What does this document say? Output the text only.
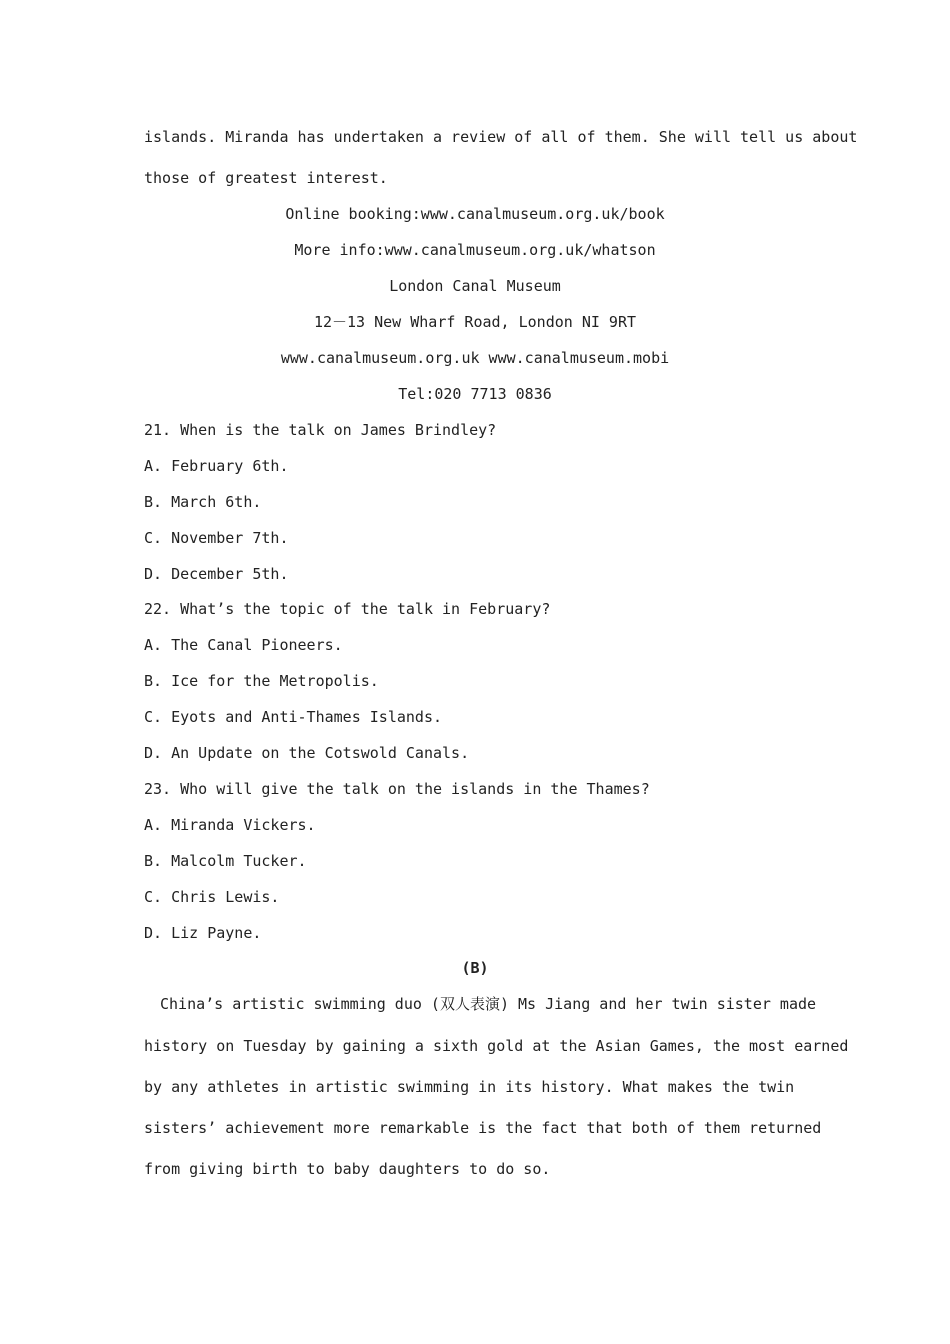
islands. Miranda has undertaken a review of all of them. She will tell us about
those of greatest interest.
Online booking:www.canalmuseum.org.uk/book
More info:www.canalmuseum.org.uk/whatson
London Canal Museum
12－13 New Wharf Road, London NI 9RT
www.canalmuseum.org.uk www.canalmuseum.mobi
Tel:020 7713 0836
21. When is the talk on James Brindley?
A. February 6th.
B. March 6th.
C. November 7th.
D. December 5th.
22. What’s the topic of the talk in February?
A. The Canal Pioneers.
B. Ice for the Metropolis.
C. Eyots and Anti-Thames Islands.
D. An Update on the Cotswold Canals.
23. Who will give the talk on the islands in the Thames?
A. Miranda Vickers.
B. Malcolm Tucker.
C. Chris Lewis.
D. Liz Payne.
(B)
China’s artistic swimming duo (双人表演) Ms Jiang and her twin sister made
history on Tuesday by gaining a sixth gold at the Asian Games, the most earned
by any athletes in artistic swimming in its history. What makes the twin
sisters’ achievement more remarkable is the fact that both of them returned
from giving birth to baby daughters to do so.
